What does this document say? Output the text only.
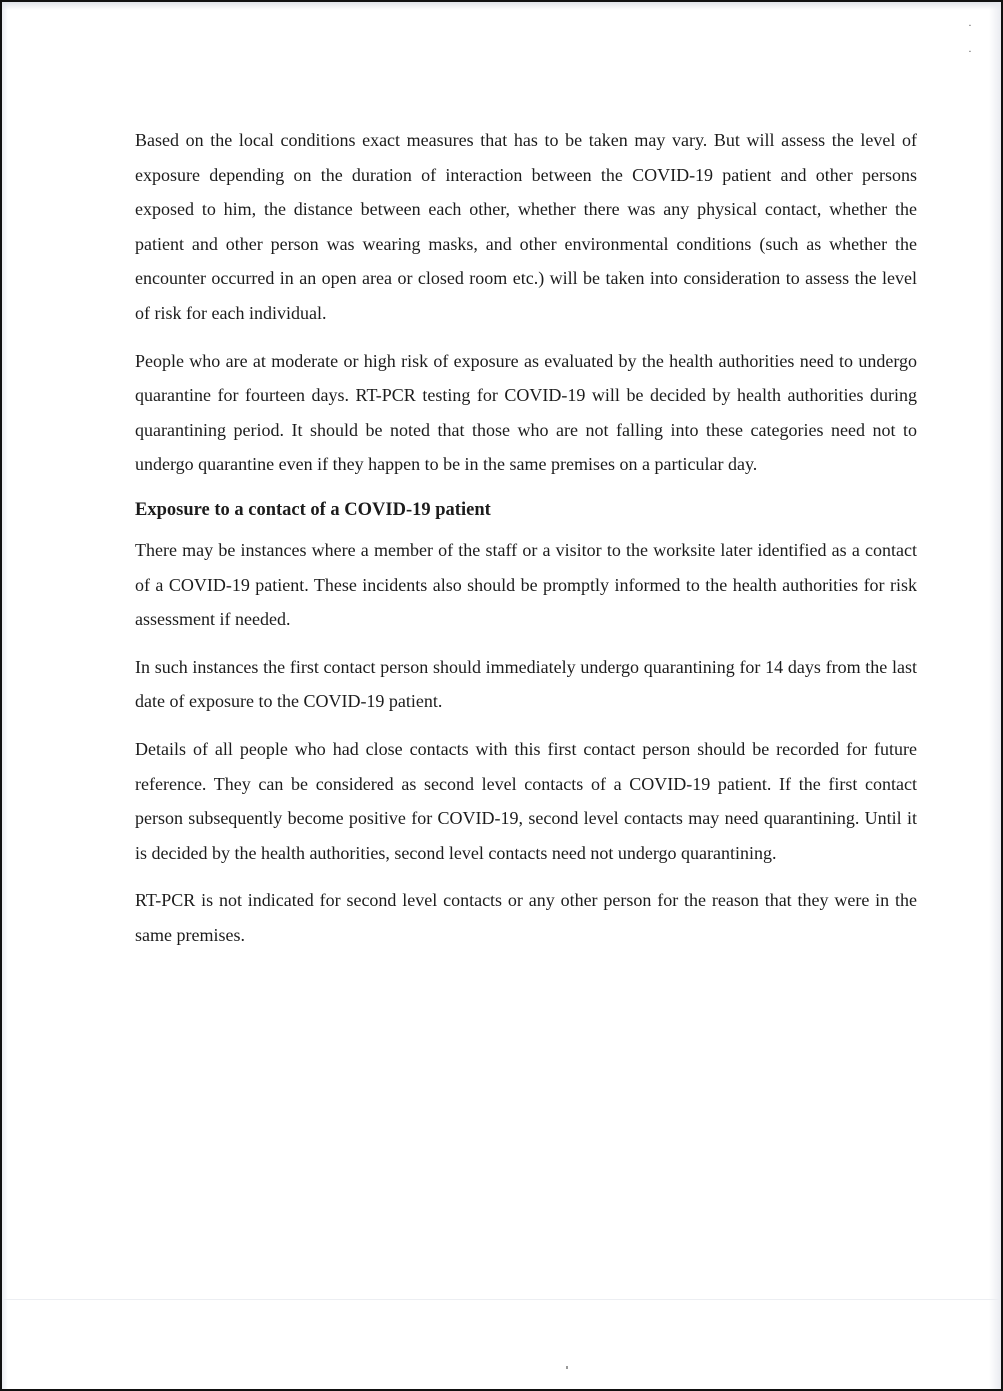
·
·

Based on the local conditions exact measures that has to be taken may vary. But will assess the level of exposure depending on the duration of interaction between the COVID-19 patient and other persons exposed to him, the distance between each other, whether there was any physical contact, whether the patient and other person was wearing masks, and other environmental conditions (such as whether the encounter occurred in an open area or closed room etc.) will be taken into consideration to assess the level of risk for each individual.

People who are at moderate or high risk of exposure as evaluated by the health authorities need to undergo quarantine for fourteen days. RT-PCR testing for COVID-19 will be decided by health authorities during quarantining period. It should be noted that those who are not falling into these categories need not to undergo quarantine even if they happen to be in the same premises on a particular day.

Exposure to a contact of a COVID-19 patient

There may be instances where a member of the staff or a visitor to the worksite later identified as a contact of a COVID-19 patient. These incidents also should be promptly informed to the health authorities for risk assessment if needed.

In such instances the first contact person should immediately undergo quarantining for 14 days from the last date of exposure to the COVID-19 patient.

Details of all people who had close contacts with this first contact person should be recorded for future reference. They can be considered as second level contacts of a COVID-19 patient. If the first contact person subsequently become positive for COVID-19, second level contacts may need quarantining. Until it is decided by the health authorities, second level contacts need not undergo quarantining.

RT-PCR is not indicated for second level contacts or any other person for the reason that they were in the same premises.
